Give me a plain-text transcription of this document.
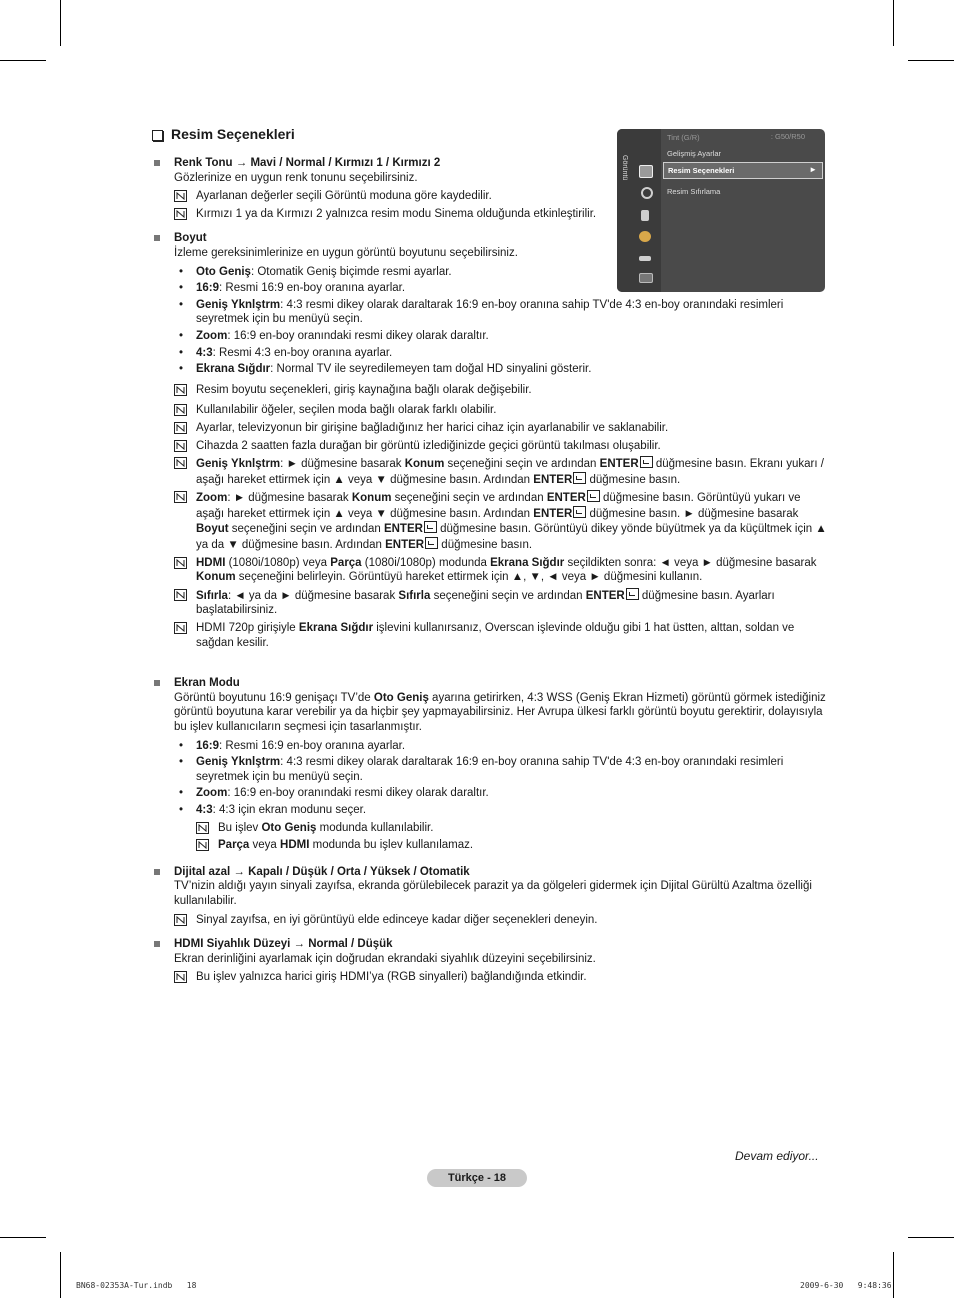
Resim Seçenekleri
Görüntü
Tint (G/R)	: G50/R50
Gelişmiş Ayarlar
Resim Seçenekleri	►
Resim Sıfırlama

Renk Tonu → Mavi / Normal / Kırmızı 1 / Kırmızı 2

Gözlerinize en uygun renk tonunu seçebilirsiniz.

Ayarlanan değerler seçili Görüntü moduna göre kaydedilir.
Kırmızı 1 ya da Kırmızı 2 yalnızca resim modu Sinema olduğunda etkinleştirilir.

Boyut

İzleme gereksinimlerinize en uygun görüntü boyutunu seçebilirsiniz.

• Oto Geniş: Otomatik Geniş biçimde resmi ayarlar.
• 16:9: Resmi 16:9 en-boy oranına ayarlar.
• Geniş Yknlştrm: 4:3 resmi dikey olarak daraltarak 16:9 en-boy oranına sahip TV'de 4:3 en-boy oranındaki resimleri seyretmek için bu menüyü seçin.
• Zoom: 16:9 en-boy oranındaki resmi dikey olarak daraltır.
• 4:3: Resmi 4:3 en-boy oranına ayarlar.
• Ekrana Sığdır: Normal TV ile seyredilemeyen tam doğal HD sinyalini gösterir.
Resim boyutu seçenekleri, giriş kaynağına bağlı olarak değişebilir.
Kullanılabilir öğeler, seçilen moda bağlı olarak farklı olabilir.
Ayarlar, televizyonun bir girişine bağladığınız her harici cihaz için ayarlanabilir ve saklanabilir.
Cihazda 2 saatten fazla durağan bir görüntü izlediğinizde geçici görüntü takılması oluşabilir.
Geniş Yknlştrm: ► düğmesine basarak Konum seçeneğini seçin ve ardından ENTER düğmesine basın. Ekranı yukarı / aşağı hareket ettirmek için ▲ veya ▼ düğmesine basın. Ardından ENTER düğmesine basın.
Zoom: ► düğmesine basarak Konum seçeneğini seçin ve ardından ENTER düğmesine basın. Görüntüyü yukarı ve aşağı hareket ettirmek için ▲ veya ▼ düğmesine basın. Ardından ENTER düğmesine basın. ► düğmesine basarak Boyut seçeneğini seçin ve ardından ENTER düğmesine basın. Görüntüyü dikey yönde büyütmek ya da küçültmek için ▲ ya da ▼ düğmesine basın. Ardından ENTER düğmesine basın.
HDMI (1080i/1080p) veya Parça (1080i/1080p) modunda Ekrana Sığdır seçildikten sonra: ◄ veya ► düğmesine basarak Konum seçeneğini belirleyin. Görüntüyü hareket ettirmek için ▲, ▼, ◄ veya ► düğmesini kullanın.
Sıfırla: ◄ ya da ► düğmesine basarak Sıfırla seçeneğini seçin ve ardından ENTER düğmesine basın. Ayarları başlatabilirsiniz.
HDMI 720p girişiyle Ekrana Sığdır işlevini kullanırsanız, Overscan işlevinde olduğu gibi 1 hat üstten, alttan, soldan ve sağdan kesilir.

Ekran Modu

Görüntü boyutunu 16:9 genişaçı TV’de Oto Geniş ayarına getirirken, 4:3 WSS (Geniş Ekran Hizmeti) görüntü görmek istediğiniz görüntü boyutuna karar verebilir ya da hiçbir şey yapmayabilirsiniz. Her Avrupa ülkesi farklı görüntü boyutu gerektirir, dolayısıyla bu işlev kullanıcıların seçmesi için tasarlanmıştır.

• 16:9: Resmi 16:9 en-boy oranına ayarlar.
• Geniş Yknlştrm: 4:3 resmi dikey olarak daraltarak 16:9 en-boy oranına sahip TV'de 4:3 en-boy oranındaki resimleri seyretmek için bu menüyü seçin.
• Zoom: 16:9 en-boy oranındaki resmi dikey olarak daraltır.
• 4:3: 4:3 için ekran modunu seçer.
Bu işlev Oto Geniş modunda kullanılabilir.
Parça veya HDMI modunda bu işlev kullanılamaz.

Dijital azal → Kapalı / Düşük / Orta / Yüksek / Otomatik

TV’nizin aldığı yayın sinyali zayıfsa, ekranda görülebilecek parazit ya da gölgeleri gidermek için Dijital Gürültü Azaltma özelliği kullanılabilir.

Sinyal zayıfsa, en iyi görüntüyü elde edinceye kadar diğer seçenekleri deneyin.

HDMI Siyahlık Düzeyi → Normal / Düşük

Ekran derinliğini ayarlamak için doğrudan ekrandaki siyahlık düzeyini seçebilirsiniz.

Bu işlev yalnızca harici giriş HDMI’ya (RGB sinyalleri) bağlandığında etkindir.
Devam ediyor...
Türkçe - 18
BN68-02353A-Tur.indb   18	2009-6-30   9:48:36
